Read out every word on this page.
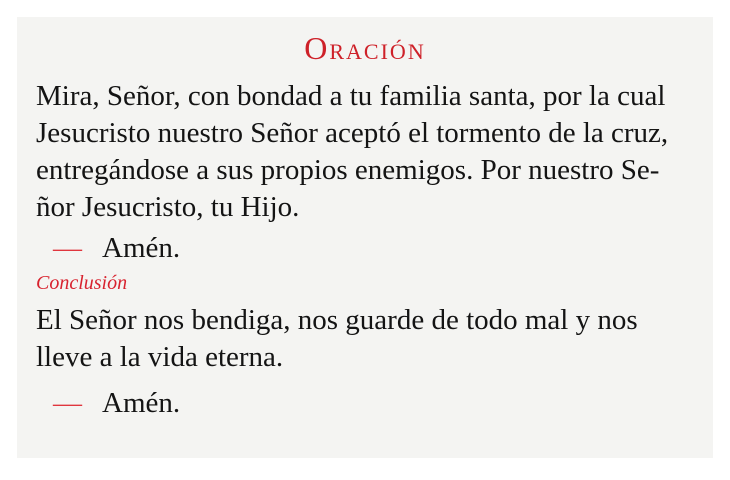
Oración
Mira, Señor, con bondad a tu familia santa, por la cual
Jesucristo nuestro Señor aceptó el tormento de la cruz,
entregándose a sus propios enemigos. Por nuestro Se-
ñor Jesucristo, tu Hijo.
— Amén.
Conclusión
El Señor nos bendiga, nos guarde de todo mal y nos
lleve a la vida eterna.
— Amén.
